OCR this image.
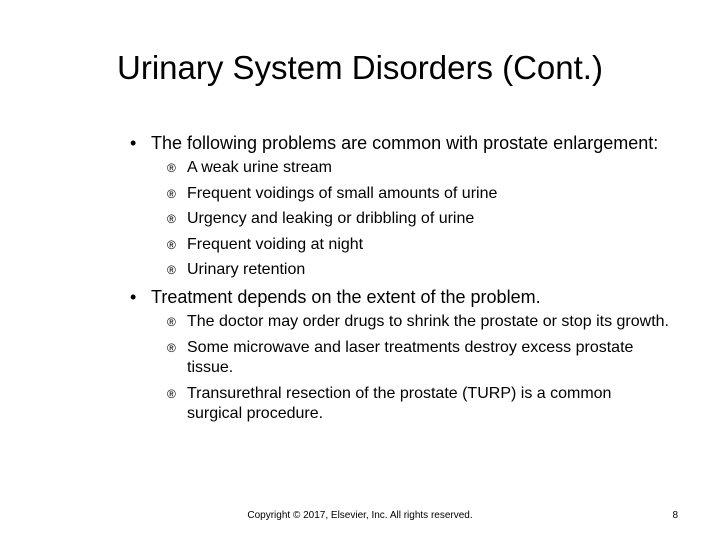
Urinary System Disorders (Cont.)
• The following problems are common with prostate enlargement:
® A weak urine stream
® Frequent voidings of small amounts of urine
® Urgency and leaking or dribbling of urine
® Frequent voiding at night
® Urinary retention
• Treatment depends on the extent of the problem.
® The doctor may order drugs to shrink the prostate or stop its growth.
® Some microwave and laser treatments destroy excess prostate tissue.
® Transurethral resection of the prostate (TURP) is a common surgical procedure.
Copyright © 2017, Elsevier, Inc. All rights reserved.	8
